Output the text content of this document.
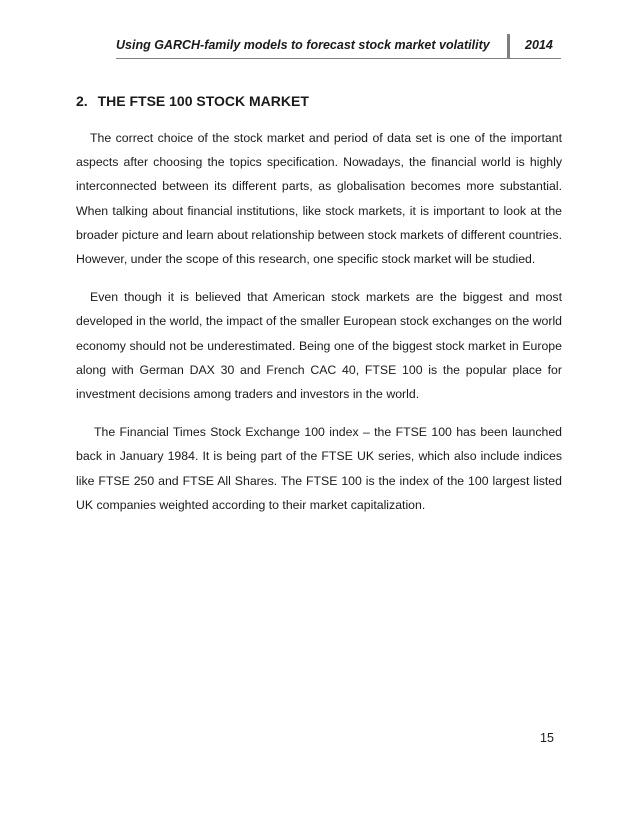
Using GARCH-family models to forecast stock market volatility	2014
2. THE FTSE 100 STOCK MARKET

The correct choice of the stock market and period of data set is one of the important aspects after choosing the topics specification. Nowadays, the financial world is highly interconnected between its different parts, as globalisation becomes more substantial. When talking about financial institutions, like stock markets, it is important to look at the broader picture and learn about relationship between stock markets of different countries. However, under the scope of this research, one specific stock market will be studied.

Even though it is believed that American stock markets are the biggest and most developed in the world, the impact of the smaller European stock exchanges on the world economy should not be underestimated. Being one of the biggest stock market in Europe along with German DAX 30 and French CAC 40, FTSE 100 is the popular place for investment decisions among traders and investors in the world.

The Financial Times Stock Exchange 100 index – the FTSE 100 has been launched back in January 1984. It is being part of the FTSE UK series, which also include indices like FTSE 250 and FTSE All Shares. The FTSE 100 is the index of the 100 largest listed UK companies weighted according to their market capitalization.

15
